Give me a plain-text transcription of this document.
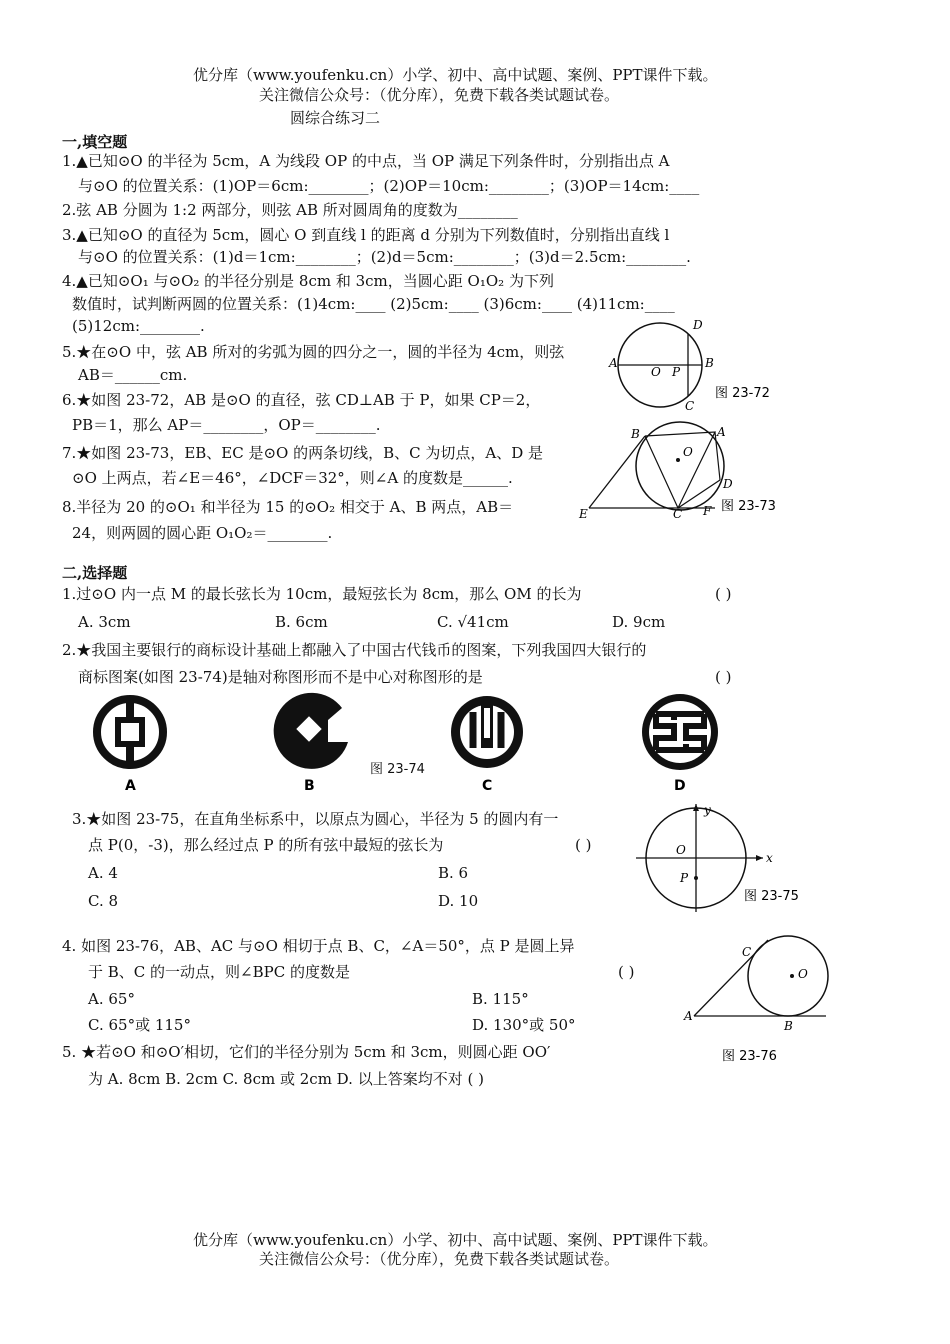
优分库（www.youfenku.cn）小学、初中、高中试题、案例、PPT课件下载。
关注微信公众号：（优分库），免费下载各类试题试卷。
圆综合练习二
一,填空题
1.▲已知⊙O 的半径为 5cm，A 为线段 OP 的中点，当 OP 满足下列条件时，分别指出点 A
与⊙O 的位置关系：(1)OP＝6cm:________；(2)OP＝10cm:________；(3)OP＝14cm:____
2.弦 AB 分圆为 1:2 两部分，则弦 AB 所对圆周角的度数为________
3.▲已知⊙O 的直径为 5cm，圆心 O 到直线 l 的距离 d 分别为下列数值时，分别指出直线 l
与⊙O 的位置关系：(1)d＝1cm:________；(2)d＝5cm:________；(3)d＝2.5cm:________.
4.▲已知⊙O₁ 与⊙O₂ 的半径分别是 8cm 和 3cm，当圆心距 O₁O₂ 为下列
数值时，试判断两圆的位置关系：(1)4cm:____ (2)5cm:____ (3)6cm:____ (4)11cm:____
(5)12cm:________.
5.★在⊙O 中，弦 AB 所对的劣弧为圆的四分之一，圆的半径为 4cm，则弦
AB＝______cm.
6.★如图 23-72，AB 是⊙O 的直径，弦 CD⊥AB 于 P，如果 CP＝2，
PB＝1，那么 AP＝________，OP＝________.
7.★如图 23-73，EB、EC 是⊙O 的两条切线，B、C 为切点，A、D 是
⊙O 上两点，若∠E＝46°，∠DCF＝32°，则∠A 的度数是______.
8.半径为 20 的⊙O₁ 和半径为 15 的⊙O₂ 相交于 A、B 两点，AB＝
24，则两圆的圆心距 O₁O₂＝________.
A	B
C
D
O P
图 23-72
B	A
O
D
E	C F 图 23-73
二,选择题
1.过⊙O 内一点 M 的最长弦长为 10cm，最短弦长为 8cm，那么 OM 的长为	( )
A. 3cm	B. 6cm	C. √41cm	D. 9cm
2.★我国主要银行的商标设计基础上都融入了中国古代钱币的图案，下列我国四大银行的
商标图案(如图 23-74)是轴对称图形而不是中心对称图形的是	( )
A	B
图 23-74
C	D
3.★如图 23-75，在直角坐标系中，以原点为圆心，半径为 5 的圆内有一
点 P(0，-3)，那么经过点 P 的所有弦中最短的弦长为	( )
A. 4	B. 6
C. 8	D. 10
y
x
O
P
图 23-75
4. 如图 23-76，AB、AC 与⊙O 相切于点 B、C，∠A＝50°，点 P 是圆上异
于 B、C 的一动点，则∠BPC 的度数是	( )
A. 65°	B. 115°
C. 65°或 115°	D. 130°或 50°
C
O
A
B
图 23-76
5. ★若⊙O 和⊙O′相切，它们的半径分别为 5cm 和 3cm，则圆心距 OO′
为 A. 8cm B. 2cm C. 8cm 或 2cm D. 以上答案均不对 ( )
优分库（www.youfenku.cn）小学、初中、高中试题、案例、PPT课件下载。
关注微信公众号：（优分库），免费下载各类试题试卷。
